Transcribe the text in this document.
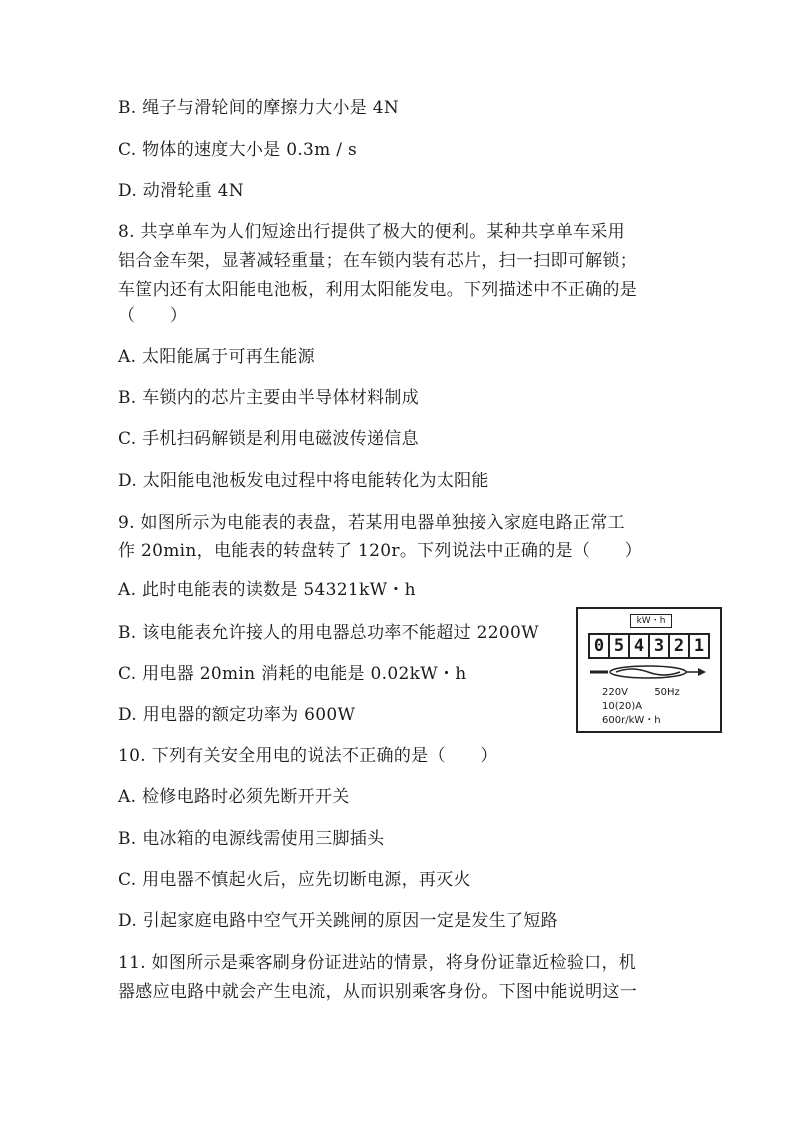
B. 绳子与滑轮间的摩擦力大小是 4N
C. 物体的速度大小是 0.3m / s
D. 动滑轮重 4N
8. 共享单车为人们短途出行提供了极大的便利。某种共享单车采用
铝合金车架，显著减轻重量；在车锁内装有芯片，扫一扫即可解锁；
车筐内还有太阳能电池板，利用太阳能发电。下列描述中不正确的是
（　　）
A. 太阳能属于可再生能源
B. 车锁内的芯片主要由半导体材料制成
C. 手机扫码解锁是利用电磁波传递信息
D. 太阳能电池板发电过程中将电能转化为太阳能
9. 如图所示为电能表的表盘，若某用电器单独接入家庭电路正常工
作 20min，电能表的转盘转了 120r。下列说法中正确的是（　　）
A. 此时电能表的读数是 54321kW・h
B. 该电能表允许接人的用电器总功率不能超过 2200W
C. 用电器 20min 消耗的电能是 0.02kW・h
D. 用电器的额定功率为 600W
10. 下列有关安全用电的说法不正确的是（　　）
A. 检修电路时必须先断开开关
B. 电冰箱的电源线需使用三脚插头
C. 用电器不慎起火后，应先切断电源，再灭火
D. 引起家庭电路中空气开关跳闸的原因一定是发生了短路
11. 如图所示是乘客刷身份证进站的情景，将身份证靠近检验口，机
器感应电路中就会产生电流，从而识别乘客身份。下图中能说明这一
kW・h
0 5 4 3 2 1
220V	50Hz
10(20)A
600r/kW・h
